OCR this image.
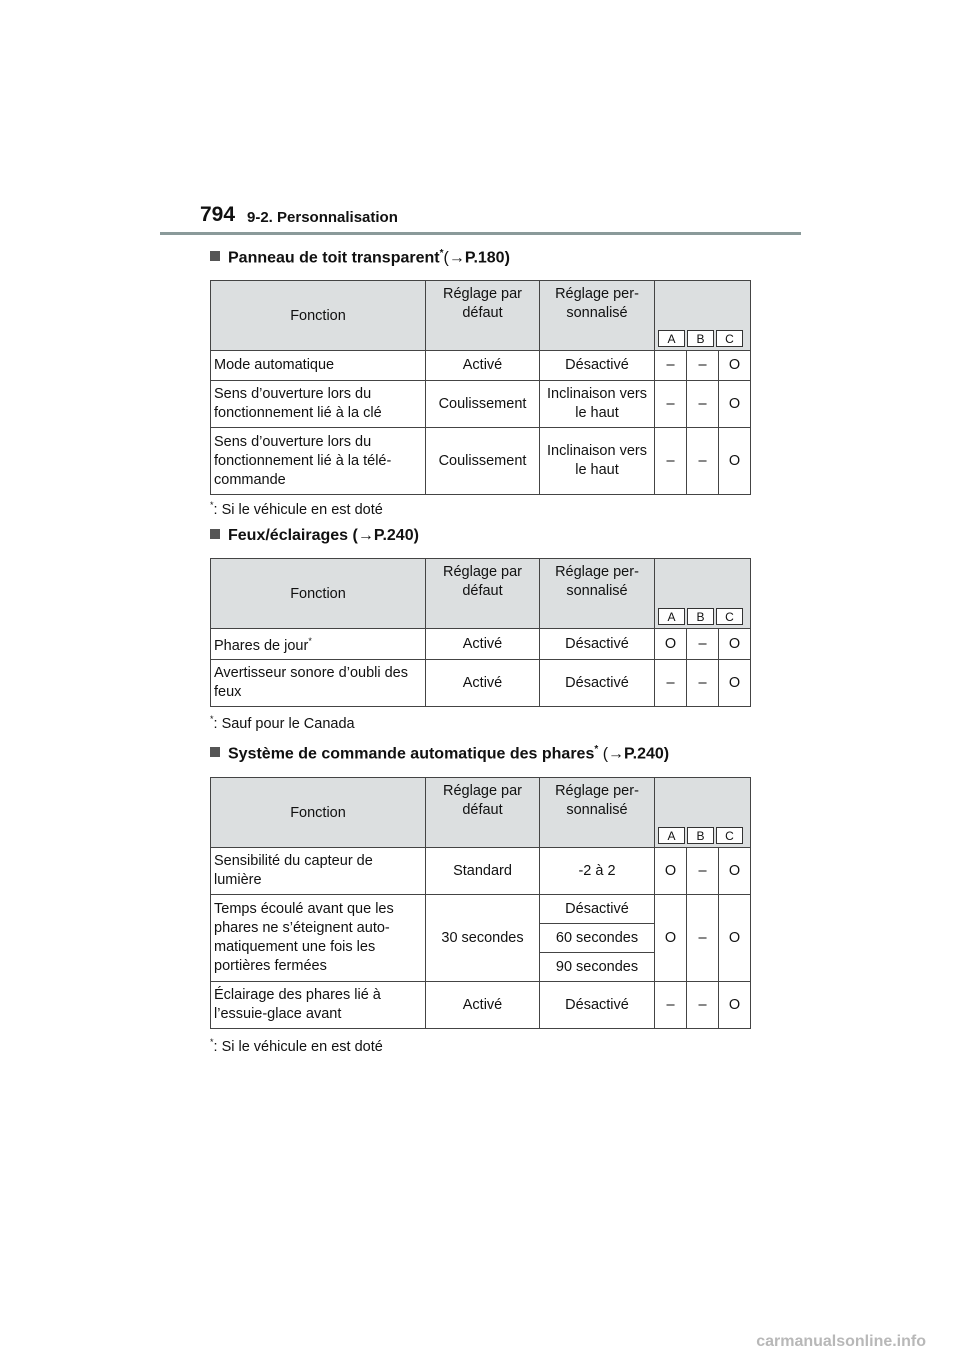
794 9-2. Personnalisation
Panneau de toit transparent*(→P.180)
Fonction	Réglage par défaut	Réglage per-sonnalisé	A B C		

Mode automatique	Activé	Désactivé	–	–	O
Sens d’ouverture lors du fonctionnement lié à la clé	Coulissement	Inclinaison vers le haut	–	–	O
Sens d’ouverture lors du fonctionnement lié à la télé-commande	Coulissement	Inclinaison vers le haut	–	–	O
*: Si le véhicule en est doté
Feux/éclairages (→P.240)
Fonction	Réglage par défaut	Réglage per-sonnalisé	A B C		

Phares de jour*	Activé	Désactivé	O	–	O
Avertisseur sonore d’oubli des feux	Activé	Désactivé	–	–	O
*: Sauf pour le Canada
Système de commande automatique des phares* (→P.240)
Fonction	Réglage par défaut	Réglage per-sonnalisé	A B C		

Sensibilité du capteur de lumière	Standard	-2 à 2	O	–	O
Temps écoulé avant que les phares ne s’éteignent auto-matiquement une fois les portières fermées	30 secondes	Désactivé	O	–	O
		60 secondes			
		90 secondes			
Éclairage des phares lié à l’essuie-glace avant	Activé	Désactivé	–	–	O
*: Si le véhicule en est doté
carmanualsonline.info
